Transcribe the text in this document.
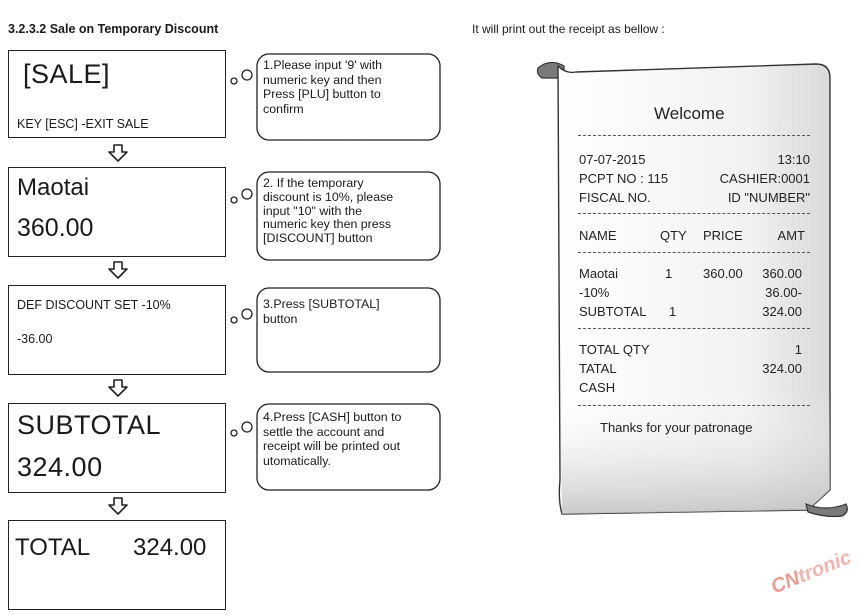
3.2.3.2 Sale on Temporary Discount	It will print out the receipt as bellow :
[SALE]
KEY [ESC] -EXIT SALE
Maotai
360.00
DEF DISCOUNT SET -10%
-36.00
SUBTOTAL
324.00
TOTAL 324.00
1.Please input '9' with
numeric key and then
Press [PLU] button to
confirm
2. If the temporary
discount is 10%, please
input "10" with the
numeric key then press
[DISCOUNT] button
3.Press [SUBTOTAL]
button
4.Press [CASH] button to
settle the account and
receipt will be printed out
utomatically.
Welcome
07-07-2015	13:10
PCPT NO : 115	CASHIER:0001
FISCAL NO.	ID "NUMBER"
NAME	QTY PRICE	AMT
Maotai	1 360.00	360.00
-10%	36.00-
SUBTOTAL 1	324.00
TOTAL QTY	1
TATAL	324.00
CASH
Thanks for your patronage
CNtronic
